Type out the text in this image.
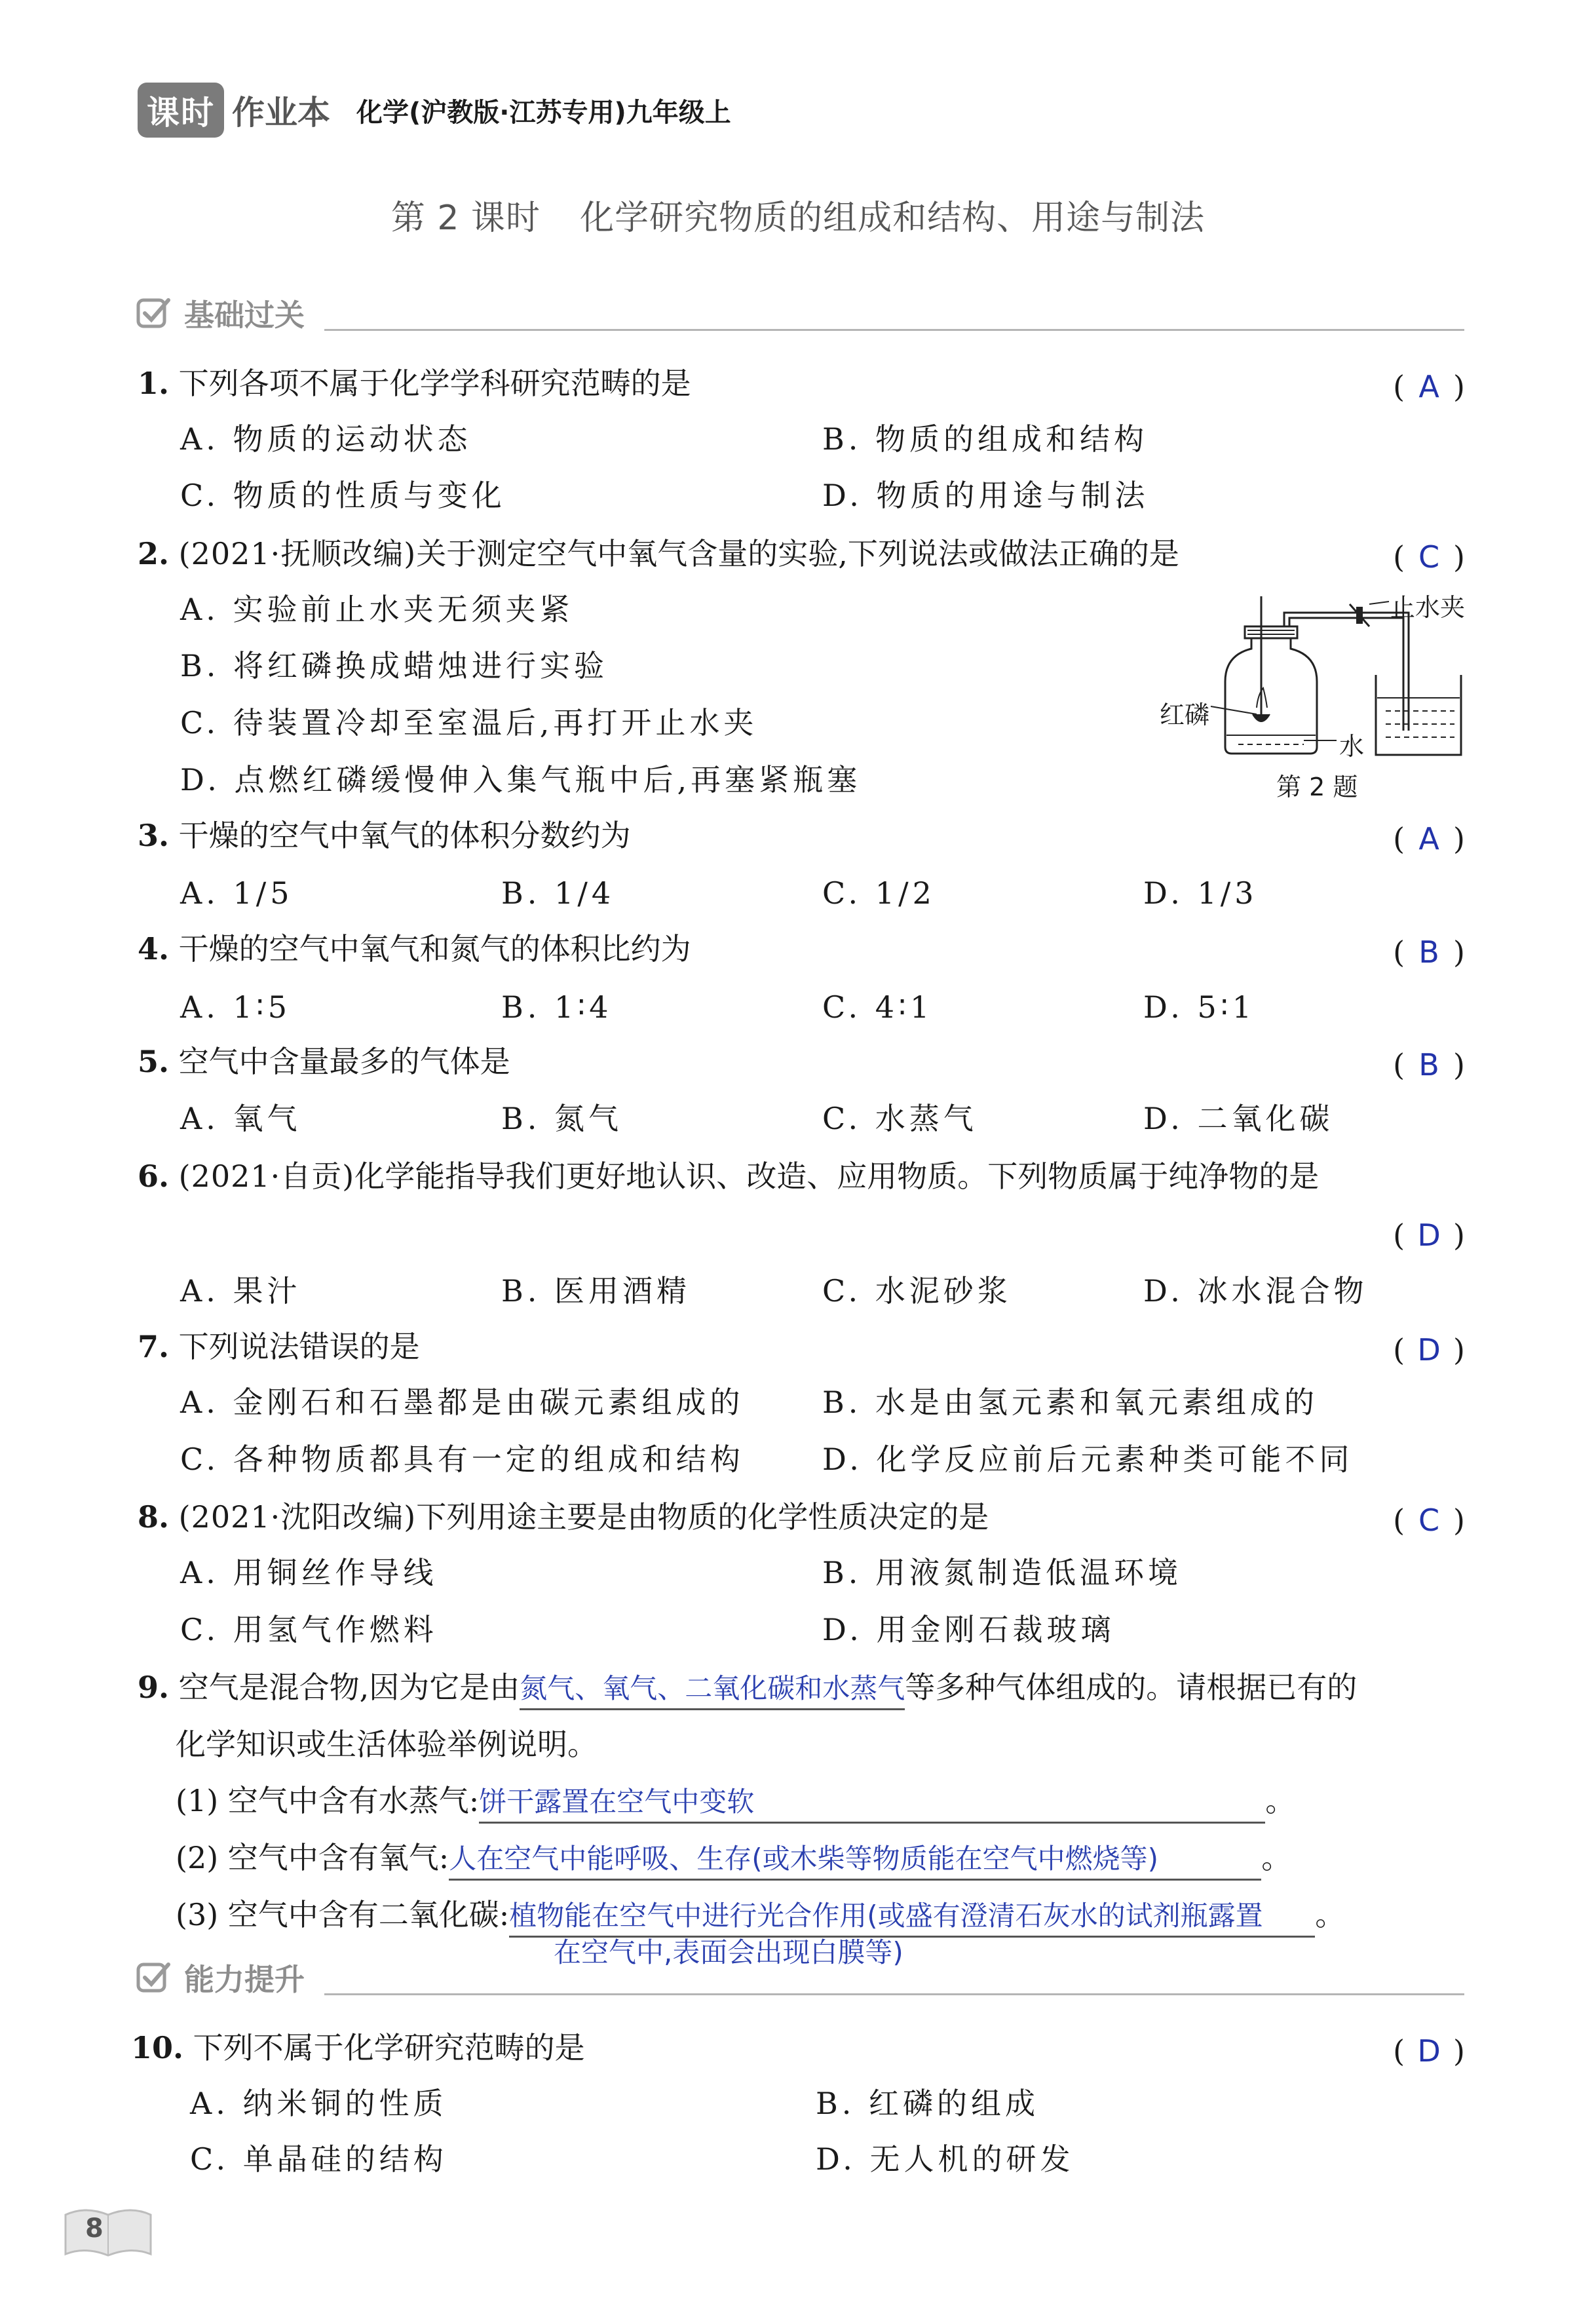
课时 作业本 化学(沪教版·江苏专用)九年级上
第 2 课时 化学研究物质的组成和结构、用途与制法
基础过关
1. 下列各项不属于化学学科研究范畴的是	( A )
A. 物质的运动状态	B. 物质的组成和结构
C. 物质的性质与变化	D. 物质的用途与制法
2. (2021·抚顺改编)关于测定空气中氧气含量的实验,下列说法或做法正确的是	( C )
A. 实验前止水夹无须夹紧
B. 将红磷换成蜡烛进行实验
C. 待装置冷却至室温后,再打开止水夹
D. 点燃红磷缓慢伸入集气瓶中后,再塞紧瓶塞
止水夹
红磷
水
第 2 题
3. 干燥的空气中氧气的体积分数约为	( A )
A. 1/5	B. 1/4	C. 1/2	D. 1/3
4. 干燥的空气中氧气和氮气的体积比约为	( B )
A. 1∶5	B. 1∶4	C. 4∶1	D. 5∶1
5. 空气中含量最多的气体是	( B )
A. 氧气	B. 氮气	C. 水蒸气	D. 二氧化碳
6. (2021·自贡)化学能指导我们更好地认识、改造、应用物质。下列物质属于纯净物的是
( D )
A. 果汁	B. 医用酒精	C. 水泥砂浆	D. 冰水混合物
7. 下列说法错误的是	( D )
A. 金刚石和石墨都是由碳元素组成的	B. 水是由氢元素和氧元素组成的
C. 各种物质都具有一定的组成和结构	D. 化学反应前后元素种类可能不同
8. (2021·沈阳改编)下列用途主要是由物质的化学性质决定的是	( C )
A. 用铜丝作导线	B. 用液氮制造低温环境
C. 用氢气作燃料	D. 用金刚石裁玻璃
9. 空气是混合物,因为它是由氮气、氧气、二氧化碳和水蒸气等多种气体组成的。请根据已有的
化学知识或生活体验举例说明。
(1) 空气中含有水蒸气:饼干露置在空气中变软	。
(2) 空气中含有氧气:人在空气中能呼吸、生存(或木柴等物质能在空气中燃烧等)	。
(3) 空气中含有二氧化碳:植物能在空气中进行光合作用(或盛有澄清石灰水的试剂瓶露置 。
在空气中,表面会出现白膜等)
能力提升
10. 下列不属于化学研究范畴的是	( D )
A. 纳米铜的性质	B. 红磷的组成
C. 单晶硅的结构	D. 无人机的研发
8
